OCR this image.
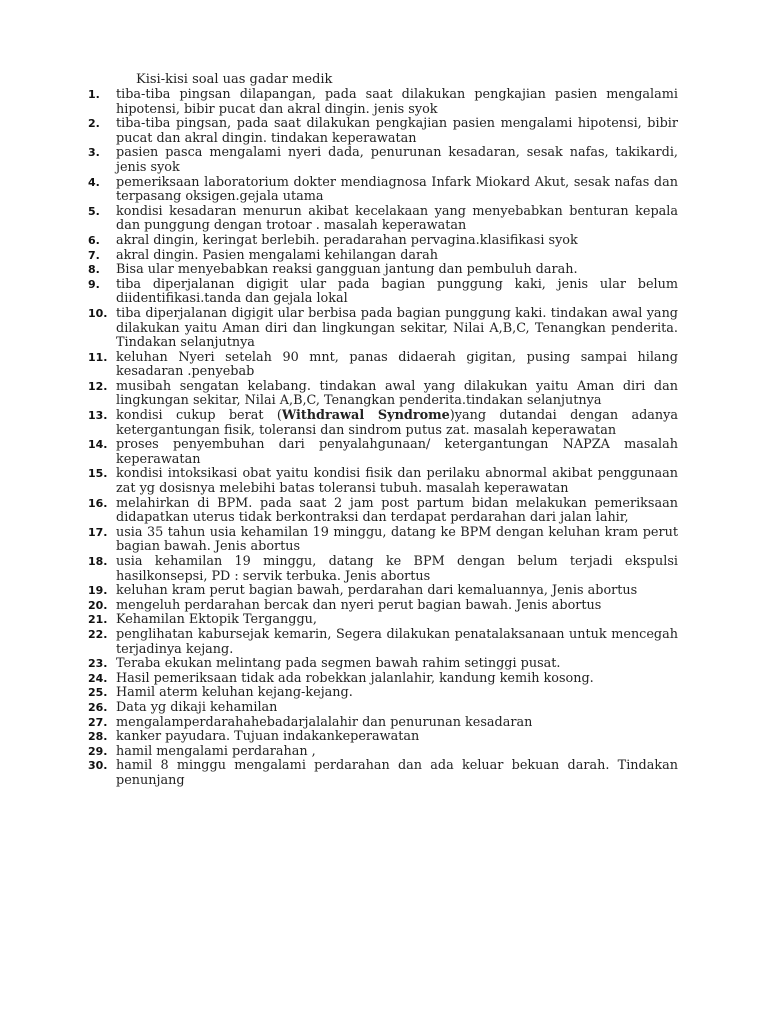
Kisi-kisi soal uas gadar medik

1.	tiba-tiba pingsan dilapangan, pada saat dilakukan pengkajian pasien mengalami hipotensi, bibir pucat dan akral dingin. jenis syok
2.	tiba-tiba pingsan, pada saat dilakukan pengkajian pasien mengalami hipotensi, bibir pucat dan akral dingin. tindakan keperawatan
3.	pasien pasca mengalami nyeri dada, penurunan kesadaran, sesak nafas, takikardi, jenis syok
4.	pemeriksaan laboratorium dokter mendiagnosa Infark Miokard Akut, sesak nafas dan terpasang oksigen.gejala utama
5.	kondisi kesadaran menurun akibat kecelakaan yang menyebabkan benturan kepala dan punggung dengan trotoar . masalah keperawatan
6.	akral dingin, keringat berlebih. peradarahan pervagina.klasifikasi syok
7.	akral dingin. Pasien mengalami kehilangan darah
8.	Bisa ular menyebabkan reaksi gangguan jantung dan pembuluh darah.
9.	tiba diperjalanan digigit ular pada bagian punggung kaki, jenis ular belum diidentifikasi.tanda dan gejala lokal
10. tiba diperjalanan digigit ular berbisa pada bagian punggung kaki. tindakan awal yang dilakukan yaitu Aman diri dan lingkungan sekitar, Nilai A,B,C, Tenangkan penderita. Tindakan selanjutnya
11. keluhan Nyeri setelah 90 mnt, panas didaerah gigitan, pusing sampai hilang kesadaran .penyebab
12. musibah sengatan kelabang. tindakan awal yang dilakukan yaitu Aman diri dan lingkungan sekitar, Nilai A,B,C, Tenangkan penderita.tindakan selanjutnya
13. kondisi cukup berat (Withdrawal Syndrome)yang dutandai dengan adanya ketergantungan fisik, toleransi dan sindrom putus zat. masalah keperawatan
14. proses penyembuhan dari penyalahgunaan/ ketergantungan NAPZA masalah keperawatan
15. kondisi intoksikasi obat yaitu kondisi fisik dan perilaku abnormal akibat penggunaan zat yg dosisnya melebihi batas toleransi tubuh. masalah keperawatan
16. melahirkan di BPM. pada saat 2 jam post partum bidan melakukan pemeriksaan didapatkan uterus tidak berkontraksi dan terdapat perdarahan dari jalan lahir,
17. usia 35 tahun usia kehamilan 19 minggu, datang ke BPM dengan keluhan kram perut bagian bawah. Jenis abortus
18. usia kehamilan 19 minggu, datang ke BPM dengan belum terjadi ekspulsi hasilkonsepsi, PD : servik terbuka. Jenis abortus
19. keluhan kram perut bagian bawah, perdarahan dari kemaluannya, Jenis abortus
20. mengeluh perdarahan bercak dan nyeri perut bagian bawah. Jenis abortus
21. Kehamilan Ektopik Terganggu,
22. penglihatan kabursejak kemarin, Segera dilakukan penatalaksanaan untuk mencegah terjadinya kejang.
23. Teraba ekukan melintang pada segmen bawah rahim setinggi pusat.
24. Hasil pemeriksaan tidak ada robekkan jalanlahir, kandung kemih kosong.
25. Hamil aterm keluhan kejang-kejang.
26. Data yg dikaji kehamilan
27. mengalamperdarahahebadarjalalahir dan penurunan kesadaran
28. kanker payudara. Tujuan indakankeperawatan
29. hamil mengalami perdarahan ,
30. hamil 8 minggu mengalami perdarahan dan ada keluar bekuan darah. Tindakan penunjang
